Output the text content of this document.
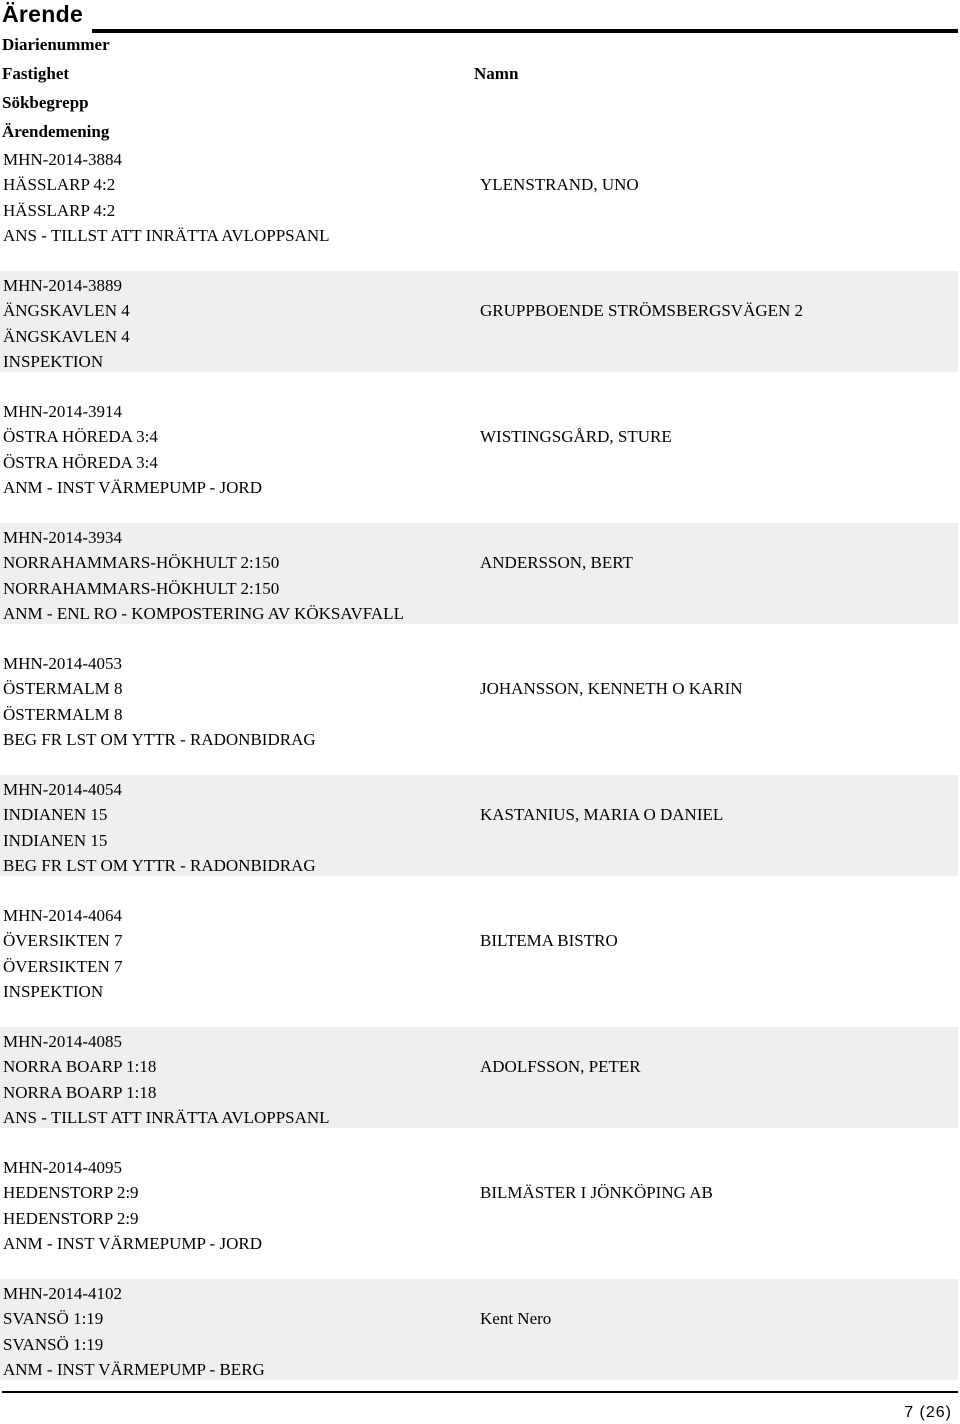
Ärende
Diarienummer
Fastighet	Namn
Sökbegrepp
Ärendemening
MHN-2014-3884
HÄSSLARP 4:2
HÄSSLARP 4:2
ANS - TILLST ATT INRÄTTA AVLOPPSANL
YLENSTRAND, UNO
MHN-2014-3889
ÄNGSKAVLEN 4
ÄNGSKAVLEN 4
INSPEKTION
GRUPPBOENDE STRÖMSBERGSVÄGEN 2
MHN-2014-3914
ÖSTRA HÖREDA 3:4
ÖSTRA HÖREDA 3:4
ANM - INST VÄRMEPUMP - JORD
WISTINGSGÅRD, STURE
MHN-2014-3934
NORRAHAMMARS-HÖKHULT 2:150
NORRAHAMMARS-HÖKHULT 2:150
ANM - ENL RO - KOMPOSTERING AV KÖKSAVFALL
ANDERSSON, BERT
MHN-2014-4053
ÖSTERMALM 8
ÖSTERMALM 8
BEG FR LST OM YTTR - RADONBIDRAG
JOHANSSON, KENNETH O KARIN
MHN-2014-4054
INDIANEN 15
INDIANEN 15
BEG FR LST OM YTTR - RADONBIDRAG
KASTANIUS, MARIA O DANIEL
MHN-2014-4064
ÖVERSIKTEN 7
ÖVERSIKTEN 7
INSPEKTION
BILTEMA BISTRO
MHN-2014-4085
NORRA BOARP 1:18
NORRA BOARP 1:18
ANS - TILLST ATT INRÄTTA AVLOPPSANL
ADOLFSSON, PETER
MHN-2014-4095
HEDENSTORP 2:9
HEDENSTORP 2:9
ANM - INST VÄRMEPUMP - JORD
BILMÄSTER I JÖNKÖPING AB
MHN-2014-4102
SVANSÖ 1:19
SVANSÖ 1:19
ANM - INST VÄRMEPUMP - BERG
Kent Nero
7 (26)
